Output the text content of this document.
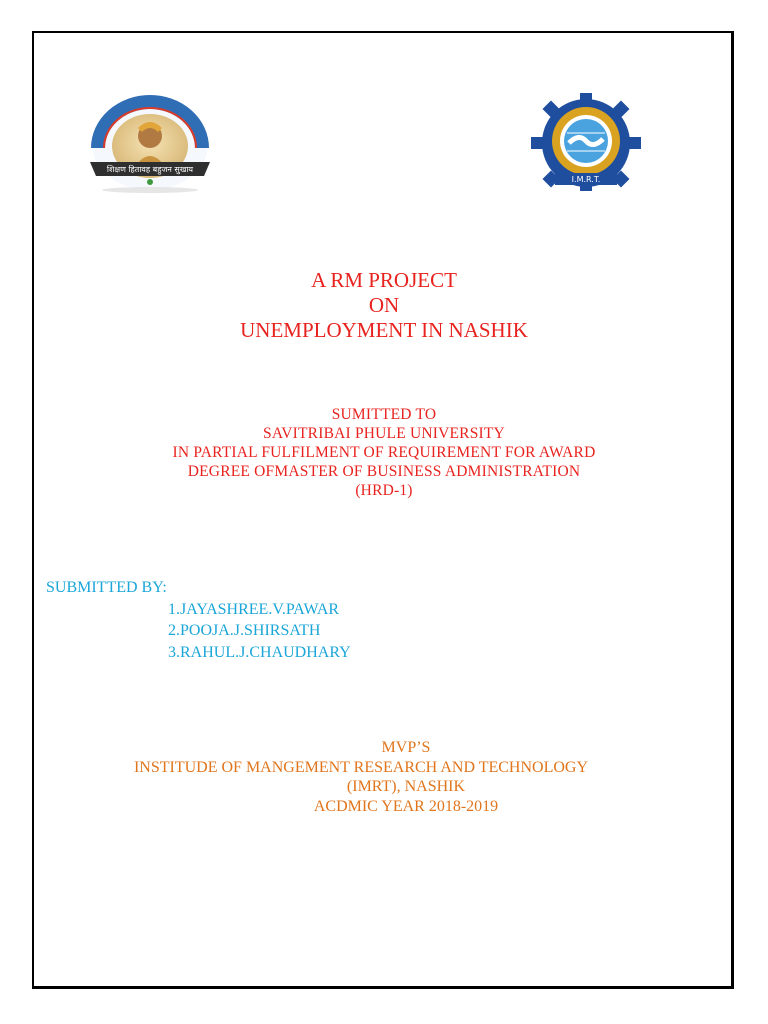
शिक्षण हितावह बहुजन सुखाय
I.M.R.T.
A RM PROJECT
ON
UNEMPLOYMENT IN NASHIK
SUMITTED TO
SAVITRIBAI PHULE UNIVERSITY
IN PARTIAL FULFILMENT OF REQUIREMENT FOR AWARD
DEGREE OFMASTER OF BUSINESS ADMINISTRATION
(HRD-1)
SUBMITTED BY:
1.JAYASHREE.V.PAWAR
2.POOJA.J.SHIRSATH
3.RAHUL.J.CHAUDHARY
MVP’S
INSTITUDE OF MANGEMENT RESEARCH AND TECHNOLOGY
(IMRT), NASHIK
ACDMIC YEAR 2018-2019
